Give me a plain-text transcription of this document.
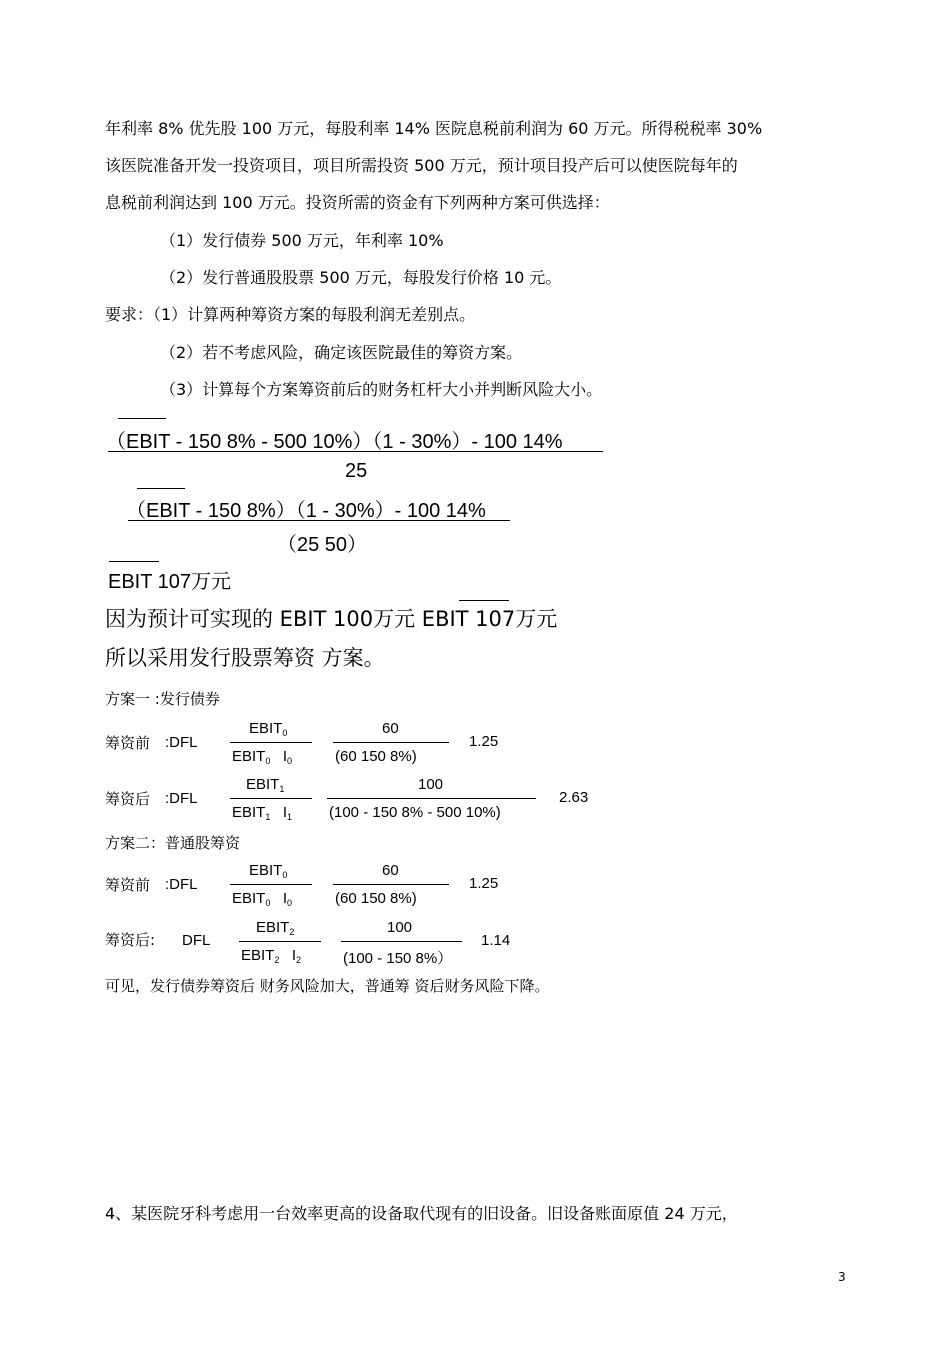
年利率 8% 优先股 100 万元，每股利率 14% 医院息税前利润为 60 万元。所得税税率 30%
该医院准备开发一投资项目，项目所需投资 500 万元，预计项目投产后可以使医院每年的
息税前利润达到 100 万元。投资所需的资金有下列两种方案可供选择：
（1）发行债券 500 万元，年利率 10%
（2）发行普通股股票 500 万元，每股发行价格 10 元。
要求：（1）计算两种筹资方案的每股利润无差别点。
（2）若不考虑风险，确定该医院最佳的筹资方案。
（3）计算每个方案筹资前后的财务杠杆大小并判断风险大小。
（EBIT - 150 8% - 500 10%）（1 - 30%）- 100 14%
25
（EBIT - 150 8%）（1 - 30%）- 100 14%
（25 50）
EBIT 107万元
因为预计可实现的 EBIT 100万元 EBIT 107万元
所以采用发行股票筹资 方案。
方案一 :发行债券
筹资前 :DFL
$EBIT_0$
$EBIT_0$ $I_0$
60
(60 150 8%)
1.25
筹资后 :DFL
$EBIT_1$
$EBIT_1$ $I_1$
100
(100 - 150 8% - 500 10%)
2.63
方案二：普通股筹资
筹资前 :DFL
$EBIT_0$
$EBIT_0$ $I_0$
60
(60 150 8%)
1.25
筹资后: DFL
$EBIT_2$
$EBIT_2$ $I_2$
100
(100 - 150 8%）
1.14
可见，发行债券筹资后 财务风险加大，普通筹 资后财务风险下降。
4、某医院牙科考虑用一台效率更高的设备取代现有的旧设备。旧设备账面原值 24 万元，
3
